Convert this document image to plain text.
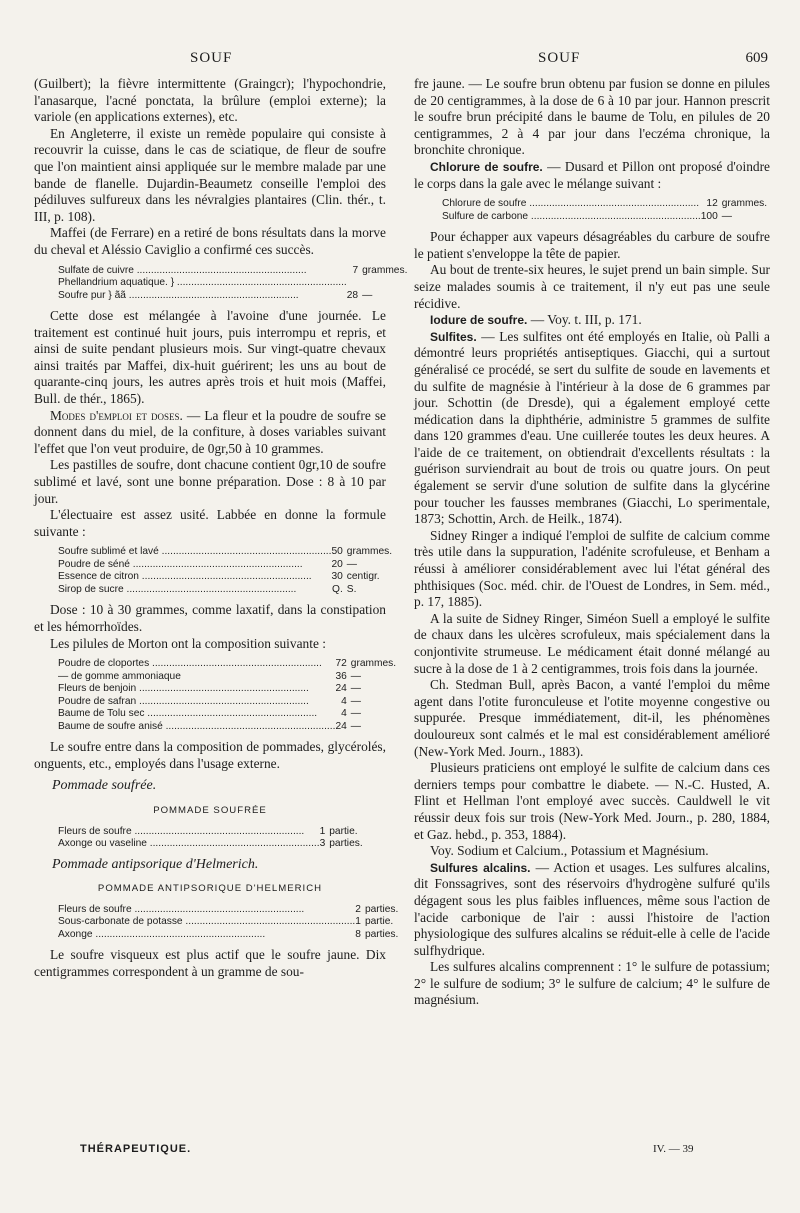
SOUF	SOUF	609

(Guilbert); la fièvre intermittente (Graingcr); l'hypochondrie, l'anasarque, l'acné ponctata, la brûlure (emploi externe); la variole (en applications externes), etc.

En Angleterre, il existe un remède populaire qui consiste à recouvrir la cuisse, dans le cas de sciatique, de fleur de soufre que l'on maintient ainsi appliquée sur le membre malade par une bande de flanelle. Dujardin-Beaumetz conseille l'emploi des pédiluves sulfureux dans les névralgies plantaires (Clin. thér., t. III, p. 108).

Maffei (de Ferrare) en a retiré de bons résultats dans la morve du cheval et Aléssio Caviglio a confirmé ces succès.

Sulfate de cuivre ............................................................	7	grammes.
Phellandrium aquatique. } ............................................................		
Soufre pur } ãã ............................................................	28	—

Cette dose est mélangée à l'avoine d'une journée. Le traitement est continué huit jours, puis interrompu et repris, et ainsi de suite pendant plusieurs mois. Sur vingt-quatre chevaux ainsi traités par Maffei, dix-huit guérirent; les uns au bout de quarante-cinq jours, les autres après trois et huit mois (Maffei, Bull. de thér., 1865).

Modes d'emploi et doses. — La fleur et la poudre de soufre se donnent dans du miel, de la confiture, à doses variables suivant l'effet que l'on veut produire, de 0gr,50 à 10 grammes.

Les pastilles de soufre, dont chacune contient 0gr,10 de soufre sublimé et lavé, sont une bonne préparation. Dose : 8 à 10 par jour.

L'électuaire est assez usité. Labbée en donne la formule suivante :

Soufre sublimé et lavé ............................................................	50	grammes.
Poudre de séné ............................................................	20	—
Essence de citron ............................................................	30	centigr.
Sirop de sucre ............................................................	Q.	S.

Dose : 10 à 30 grammes, comme laxatif, dans la constipation et les hémorrhoïdes.

Les pilules de Morton ont la composition suivante :

Poudre de cloportes ............................................................	72	grammes.
— de gomme ammoniaque	36	—
Fleurs de benjoin ............................................................	24	—
Poudre de safran ............................................................	4	—
Baume de Tolu sec ............................................................	4	—
Baume de soufre anisé ............................................................	24	—

Le soufre entre dans la composition de pommades, glycérolés, onguents, etc., employés dans l'usage externe.

Pommade soufrée.
POMMADE SOUFRÉE
Fleurs de soufre ............................................................	1	partie.
Axonge ou vaseline ............................................................	3	parties.
Pommade antipsorique d'Helmerich.
POMMADE ANTIPSORIQUE D'HELMERICH
Fleurs de soufre ............................................................	2	parties.
Sous-carbonate de potasse ............................................................	1	partie.
Axonge ............................................................	8	parties.

Le soufre visqueux est plus actif que le soufre jaune. Dix centigrammes correspondent à un gramme de sou-

fre jaune. — Le soufre brun obtenu par fusion se donne en pilules de 20 centigrammes, à la dose de 6 à 10 par jour. Hannon prescrit le soufre brun précipité dans le baume de Tolu, en pilules de 20 centigrammes, 2 à 4 par jour dans l'eczéma chronique, la bronchite chronique.

Chlorure de soufre. — Dusard et Pillon ont proposé d'oindre le corps dans la gale avec le mélange suivant :

Chlorure de soufre ............................................................	12	grammes.
Sulfure de carbone ............................................................	100	—

Pour échapper aux vapeurs désagréables du carbure de soufre le patient s'enveloppe la tête de papier.

Au bout de trente-six heures, le sujet prend un bain simple. Sur seize malades soumis à ce traitement, il n'y eut pas une seule récidive.

Iodure de soufre. — Voy. t. III, p. 171.

Sulfites. — Les sulfites ont été employés en Italie, où Palli a démontré leurs propriétés antiseptiques. Giacchi, qui a surtout généralisé ce procédé, se sert du sulfite de soude en lavements et du sulfite de magnésie à l'intérieur à la dose de 6 grammes par jour. Schottin (de Dresde), qui a également employé cette médication dans la diphthérie, administre 5 grammes de sulfite dans 120 grammes d'eau. Une cuillerée toutes les deux heures. A l'aide de ce traitement, on obtiendrait d'excellents résultats : la guérison surviendrait au bout de trois ou quatre jours. On peut également se servir d'une solution de sulfite dans la glycérine pour toucher les fausses membranes (Giacchi, Lo sperimentale, 1873; Schottin, Arch. de Heilk., 1874).

Sidney Ringer a indiqué l'emploi de sulfite de calcium comme très utile dans la suppuration, l'adénite scrofuleuse, et Benham a réussi à améliorer considérablement avec lui l'état général des phthisiques (Soc. méd. chir. de l'Ouest de Londres, in Sem. méd., p. 17, 1885).

A la suite de Sidney Ringer, Siméon Suell a employé le sulfite de chaux dans les ulcères scrofuleux, mais spécialement dans la conjontivite strumeuse. Le médicament était donné mélangé au sucre à la dose de 1 à 2 centigrammes, trois fois dans la journée.

Ch. Stedman Bull, après Bacon, a vanté l'emploi du même agent dans l'otite furonculeuse et l'otite moyenne congestive ou suppurée. Presque immédiatement, dit-il, les phénomènes douloureux sont calmés et le mal est considérablement amélioré (New-York Med. Journ., 1883).

Plusieurs praticiens ont employé le sulfite de calcium dans ces derniers temps pour combattre le diabete. — N.-C. Husted, A. Flint et Hellman l'ont employé avec succès. Cauldwell le vit réussir deux fois sur trois (New-York Med. Journ., p. 280, 1884, et Gaz. hebd., p. 353, 1884).

Voy. Sodium et Calcium., Potassium et Magnésium.

Sulfures alcalins. — Action et usages. Les sulfures alcalins, dit Fonssagrives, sont des réservoirs d'hydrogène sulfuré qu'ils dégagent sous les plus faibles influences, même sous l'action de l'acide carbonique de l'air : aussi l'histoire de l'action physiologique des sulfures alcalins se réduit-elle à celle de l'acide sulfhydrique.

Les sulfures alcalins comprennent : 1° le sulfure de potassium; 2° le sulfure de sodium; 3° le sulfure de calcium; 4° le sulfure de magnésium.

THÉRAPEUTIQUE.	IV. — 39
